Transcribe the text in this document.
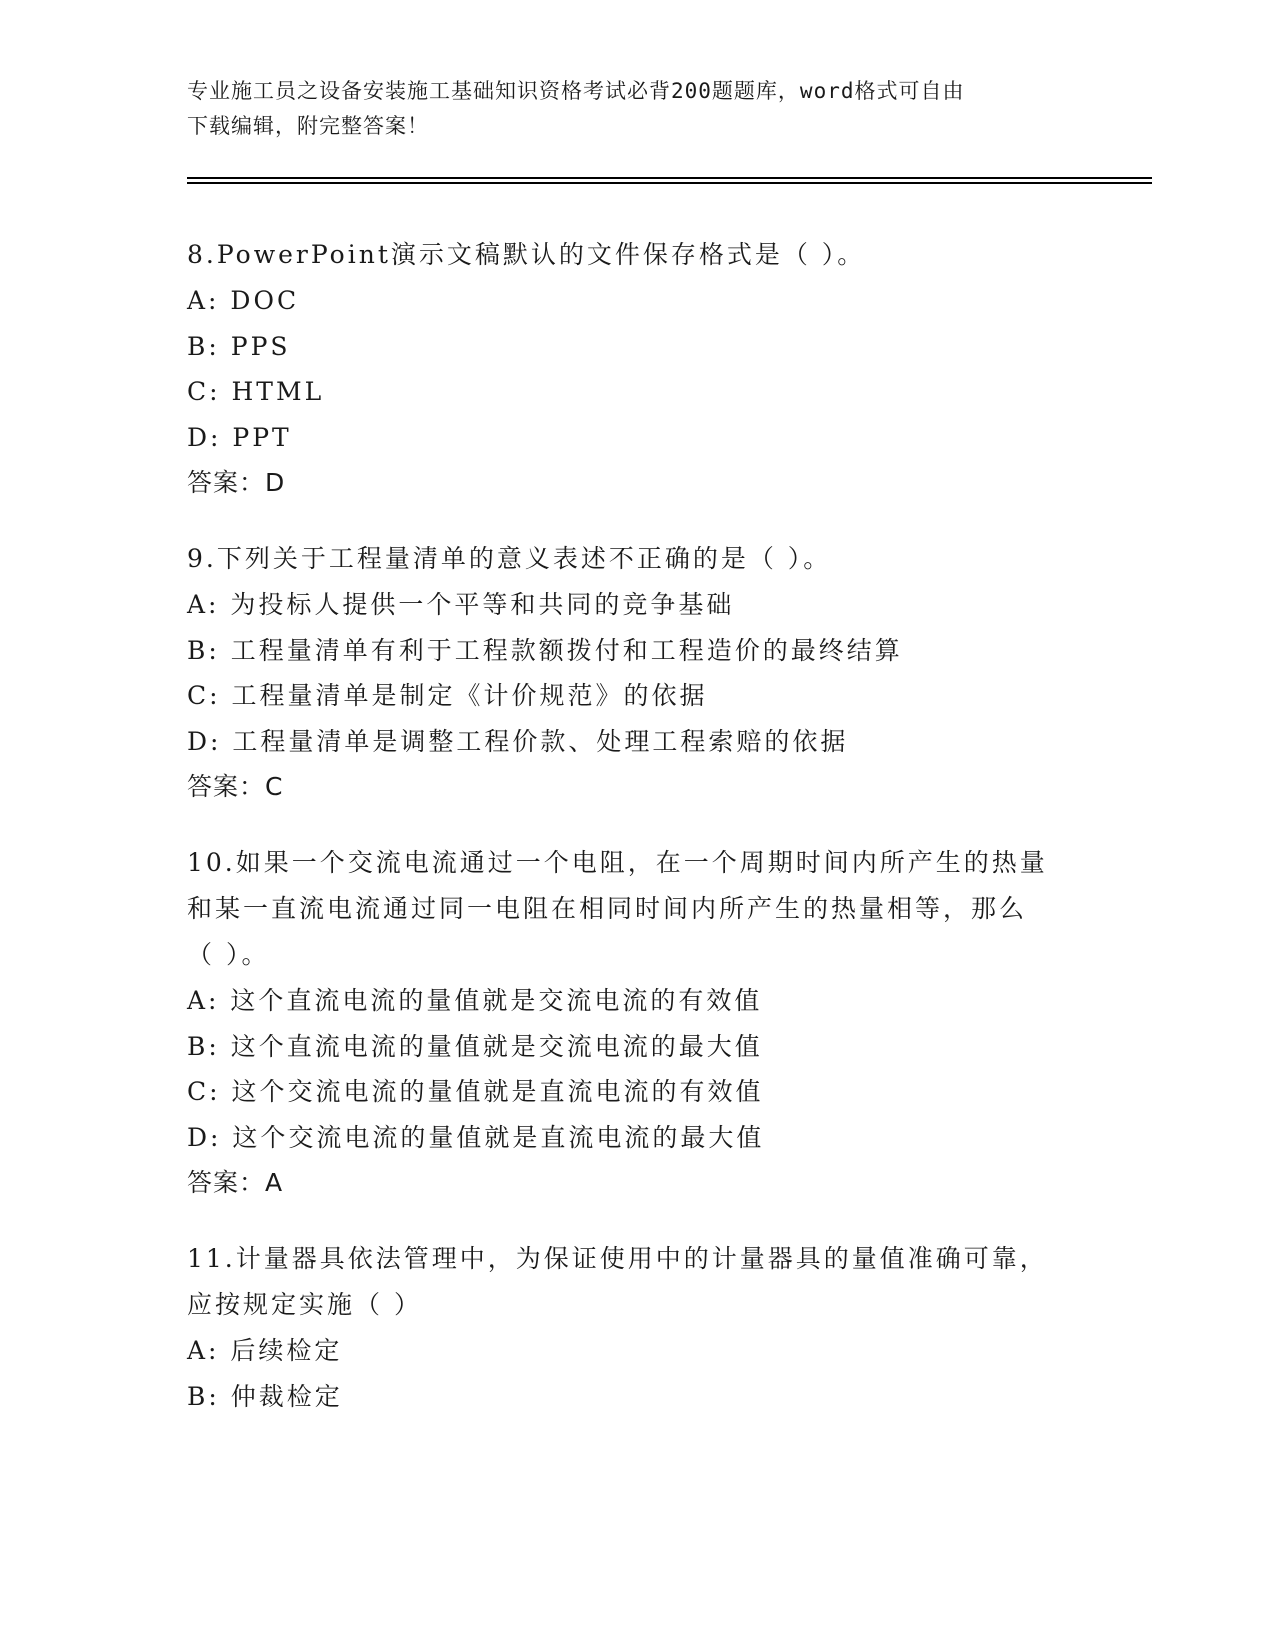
专业施工员之设备安装施工基础知识资格考试必背200题题库，word格式可自由
下载编辑，附完整答案！
8.PowerPoint演示文稿默认的文件保存格式是（ ）。
A: DOC
B: PPS
C: HTML
D: PPT
答案：D
9.下列关于工程量清单的意义表述不正确的是（ ）。
A: 为投标人提供一个平等和共同的竞争基础
B: 工程量清单有利于工程款额拨付和工程造价的最终结算
C: 工程量清单是制定《计价规范》的依据
D: 工程量清单是调整工程价款、处理工程索赔的依据
答案：C
10.如果一个交流电流通过一个电阻，在一个周期时间内所产生的热量
和某一直流电流通过同一电阻在相同时间内所产生的热量相等，那么
（ ）。
A: 这个直流电流的量值就是交流电流的有效值
B: 这个直流电流的量值就是交流电流的最大值
C: 这个交流电流的量值就是直流电流的有效值
D: 这个交流电流的量值就是直流电流的最大值
答案：A
11.计量器具依法管理中，为保证使用中的计量器具的量值准确可靠，
应按规定实施（ ）
A: 后续检定
B: 仲裁检定
